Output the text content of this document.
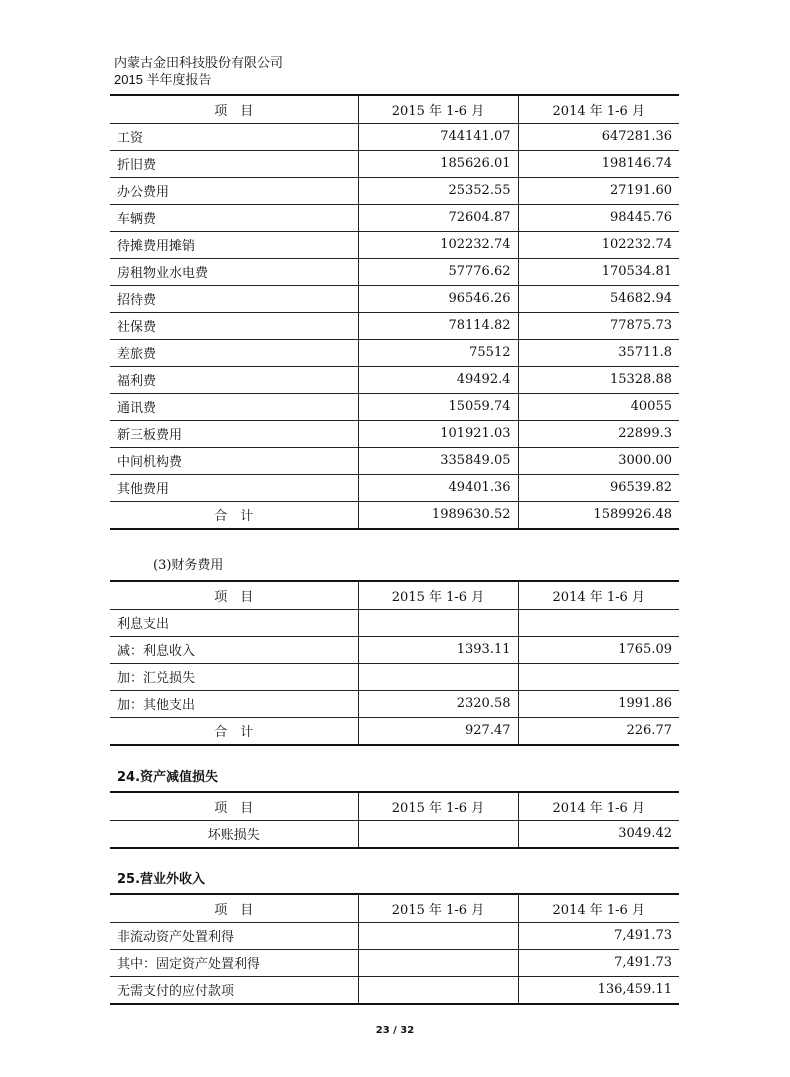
内蒙古金田科技股份有限公司
2015 半年度报告
项　目	2015 年 1-6 月	2014 年 1-6 月
工资	744141.07	647281.36
折旧费	185626.01	198146.74
办公费用	25352.55	27191.60
车辆费	72604.87	98445.76
待摊费用摊销	102232.74	102232.74
房租物业水电费	57776.62	170534.81
招待费	96546.26	54682.94
社保费	78114.82	77875.73
差旅费	75512	35711.8
福利费	49492.4	15328.88
通讯费	15059.74	40055
新三板费用	101921.03	22899.3
中间机构费	335849.05	3000.00
其他费用	49401.36	96539.82
合　计	1989630.52	1589926.48
(3)财务费用
项　目	2015 年 1-6 月	2014 年 1-6 月
利息支出		
减：利息收入	1393.11	1765.09
加：汇兑损失		
加：其他支出	2320.58	1991.86
合　计	927.47	226.77
24.资产减值损失
项　目	2015 年 1-6 月	2014 年 1-6 月
坏账损失		3049.42
25.营业外收入
项　目	2015 年 1-6 月	2014 年 1-6 月
非流动资产处置利得		7,491.73
其中：固定资产处置利得		7,491.73
无需支付的应付款项		136,459.11
23 / 32
